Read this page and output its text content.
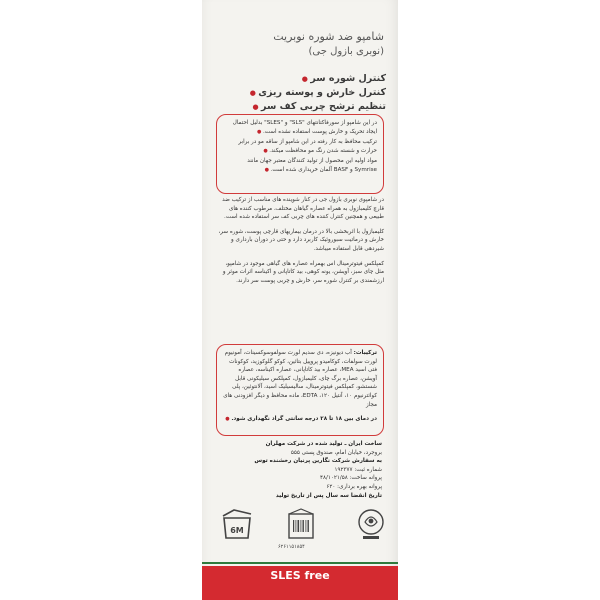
شامپو ضد شوره نوبریت
(نوبری بازول جی)
کنترل شوره سر ●
کنترل خارش و پوسته ریزی ●
تنظیم ترشح چربی کف سر ●

در این شامپو از سورفاکتانتهای "SLS" و "SLES" بدلیل احتمال ایجاد تحریک و خارش پوست استفاده نشده است. ●

ترکیب محافظ به کار رفته در این شامپو از ساقه مو در برابر حرارت و شسته شدن رنگ مو محافظت میکند. ●

مواد اولیه این محصول از تولید کنندگان معتبر جهان مانند Symrise و BASF آلمان خریداری شده است. ●

در شامپوی نوبری بازول جی در کنار شوینده های مناسب از ترکیب ضد قارچ کلیمبازول به همراه عصاره گیاهان مختلف، مرطوب کننده های طبیعی و همچنین کنترل کننده های چربی کف سر استفاده شده است.

کلیمبازول با اثربخشی بالا در درمان بیماریهای قارچی پوست، شوره سر، خارش و درماتیت سبوروئیک کاربرد دارد و حتی در دوران بارداری و شیردهی قابل استفاده میباشد.

کمپلکس فیتوترمینال اس بهمراه عصاره های گیاهی موجود در شامپو، مثل چای سبز، آویشن، یونه کوهی، بید کاتاپانی و اکیناسه اثرات موثر و ارزشمندی بر کنترل شوره سر، خارش و چربی پوست سر دارند.

ترکیبات: آب دیونیزه، دی سدیم لورت سولفوسوکسینات، آمونیوم لورت سولفات، کوکامیدو پروپیل بتائین، کوکو گلوکوزید، کوکونات فتی اسید MEA، عصاره بید کاتاپانی، عصاره اکیناسه، عصاره آویشن، عصاره برگ چای، کلیمبازول، کمپلکس سیلیکونی قابل شستشو، کمپلکس فیتوترمینال، سالیسیلیک اسید، آلانتوئین، پلی کوائترنیوم ۱۰، آنتیل ۱۲۰، EDTA، ماده محافظ و دیگر افزودنی های مجاز
در دمای بین ۱۸ تا ۲۸ درجه سانتی گراد نگهداری شود. ●

ساخت ایران ـ تولید شده در شرکت مهلران

بروجرد، خیابان امام، صندوق پستی ۵۵۵

به سفارش شرکت نگارین پرنیان رخشنده توس

شماره ثبت: ۱۹۲۳۷۷

پروانه ساخت: ۴۸/۱۰۲۱/۵۸

پروانه بهره برداری: ۶۲۰

تاریخ انقضا سه سال پس از تاریخ تولید

6M
۶۲۶۱۱۵۱۸۵۴
SLES free
